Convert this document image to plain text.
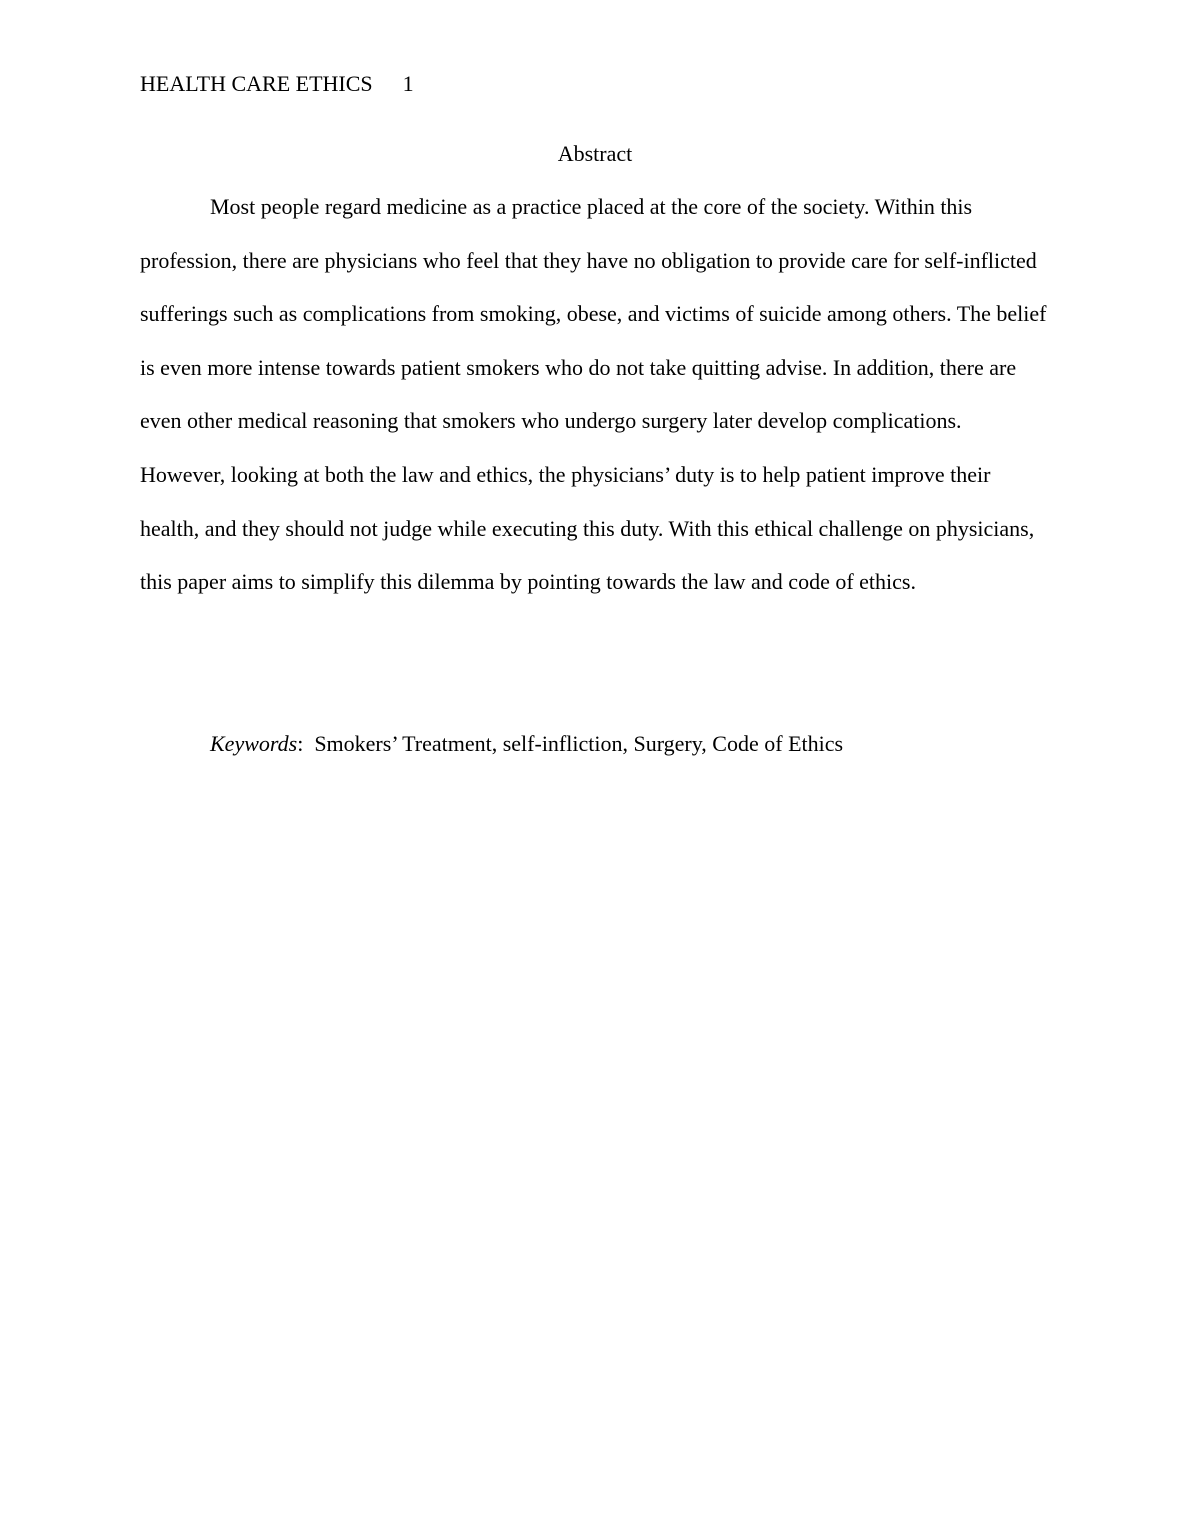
HEALTH CARE ETHICS 1
Abstract

Most people regard medicine as a practice placed at the core of the society. Within this profession, there are physicians who feel that they have no obligation to provide care for self-inflicted sufferings such as complications from smoking, obese, and victims of suicide among others. The belief is even more intense towards patient smokers who do not take quitting advise. In addition, there are even other medical reasoning that smokers who undergo surgery later develop complications. However, looking at both the law and ethics, the physicians’ duty is to help patient improve their health, and they should not judge while executing this duty. With this ethical challenge on physicians, this paper aims to simplify this dilemma by pointing towards the law and code of ethics.

Keywords: Smokers’ Treatment, self-infliction, Surgery, Code of Ethics
